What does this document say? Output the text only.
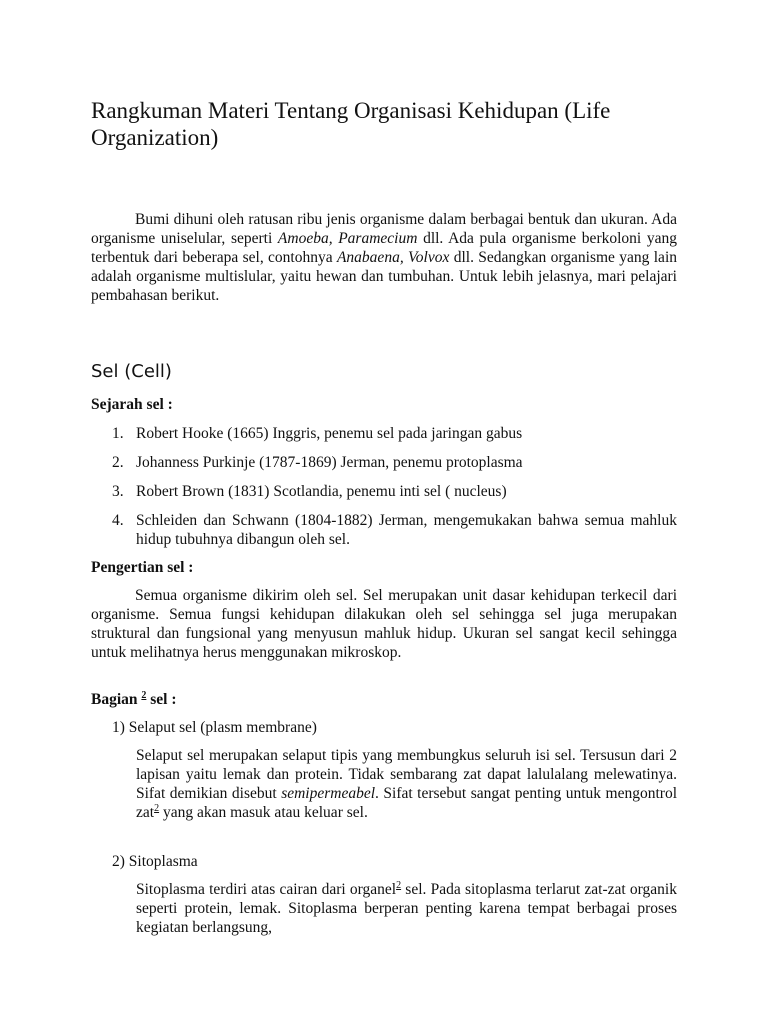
Rangkuman Materi Tentang Organisasi Kehidupan (Life Organization)

Bumi dihuni oleh ratusan ribu jenis organisme dalam berbagai bentuk dan ukuran. Ada organisme uniselular, seperti Amoeba, Paramecium dll. Ada pula organisme berkoloni yang terbentuk dari beberapa sel, contohnya Anabaena, Volvox dll. Sedangkan organisme yang lain adalah organisme multislular, yaitu hewan dan tumbuhan. Untuk lebih jelasnya, mari pelajari pembahasan berikut.

Sel (Cell)

Sejarah sel :

1. Robert Hooke (1665) Inggris, penemu sel pada jaringan gabus
2. Johanness Purkinje (1787-1869) Jerman, penemu protoplasma
3. Robert Brown (1831) Scotlandia, penemu inti sel ( nucleus)
4. Schleiden dan Schwann (1804-1882) Jerman, mengemukakan bahwa semua mahluk hidup tubuhnya dibangun oleh sel.

Pengertian sel :

Semua organisme dikirim oleh sel. Sel merupakan unit dasar kehidupan terkecil dari organisme. Semua fungsi kehidupan dilakukan oleh sel sehingga sel juga merupakan struktural dan fungsional yang menyusun mahluk hidup. Ukuran sel sangat kecil sehingga untuk melihatnya herus menggunakan mikroskop.

Bagian $^2$ sel :

1) Selaput sel (plasm membrane)

Selaput sel merupakan selaput tipis yang membungkus seluruh isi sel. Tersusun dari 2 lapisan yaitu lemak dan protein. Tidak sembarang zat dapat lalulalang melewatinya. Sifat demikian disebut semipermeabel. Sifat tersebut sangat penting untuk mengontrol zat$^2$ yang akan masuk atau keluar sel.

2) Sitoplasma

Sitoplasma terdiri atas cairan dari organel$^2$ sel. Pada sitoplasma terlarut zat-zat organik seperti protein, lemak. Sitoplasma berperan penting karena tempat berbagai proses kegiatan berlangsung,
